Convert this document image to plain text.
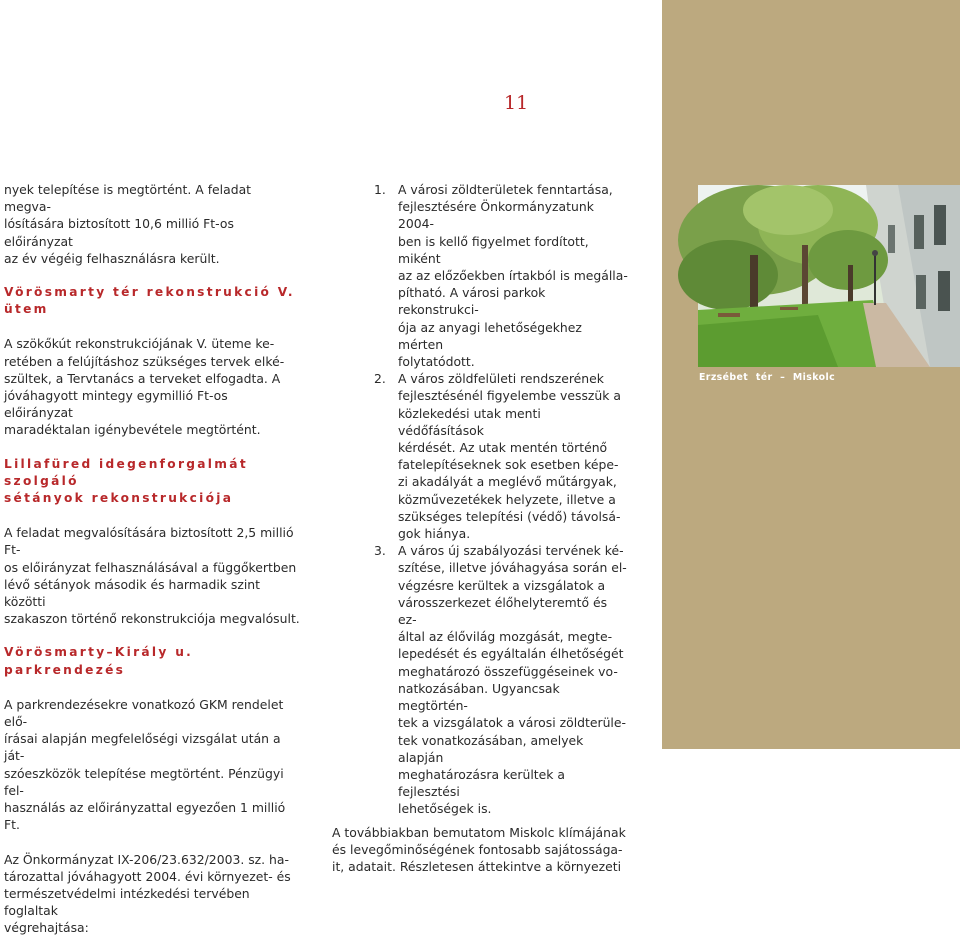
11
nyek telepítése is megtörtént. A feladat megva-
lósítására biztosított 10,6 millió Ft-os előirányzat
az év végéig felhasználásra került.
Vörösmarty tér rekonstrukció V.
ütem
A szökőkút rekonstrukciójának V. üteme ke-
retében a felújításhoz szükséges tervek elké-
szültek, a Tervtanács a terveket elfogadta. A
jóváhagyott mintegy egymillió Ft-os előirányzat
maradéktalan igénybevétele megtörtént.
Lillafüred idegenforgalmát szolgáló
sétányok rekonstrukciója
A feladat megvalósítására biztosított 2,5 millió Ft-
os előirányzat felhasználásával a függőkertben
lévő sétányok második és harmadik szint közötti
szakaszon történő rekonstrukciója megvalósult.
Vörösmarty–Király u. parkrendezés
A parkrendezésekre vonatkozó GKM rendelet elő-
írásai alapján megfelelőségi vizsgálat után a ját-
szóeszközök telepítése megtörtént. Pénzügyi fel-
használás az előirányzattal egyezően 1 millió Ft.
Az Önkormányzat IX-206/23.632/2003. sz. ha-
tározattal jóváhagyott 2004. évi környezet- és
természetvédelmi intézkedési tervében foglaltak
végrehajtása:
1. A városi zöldterületek fenntartása,
fejlesztésére Önkormányzatunk 2004-
ben is kellő figyelmet fordított, miként
az az előzőekben írtakból is megálla-
pítható. A városi parkok rekonstrukci-
ója az anyagi lehetőségekhez mérten
folytatódott.
2. A város zöldfelületi rendszerének
fejlesztésénél figyelembe vesszük a
közlekedési utak menti védőfásítások
kérdését. Az utak mentén történő
fatelepítéseknek sok esetben képe-
zi akadályát a meglévő műtárgyak,
közművezetékek helyzete, illetve a
szükséges telepítési (védő) távolsá-
gok hiánya.
3. A város új szabályozási tervének ké-
szítése, illetve jóváhagyása során el-
végzésre kerültek a vizsgálatok a
városszerkezet élőhelyteremtő és ez-
által az élővilág mozgását, megte-
lepedését és egyáltalán élhetőségét
meghatározó összefüggéseinek vo-
natkozásában. Ugyancsak megtörtén-
tek a vizsgálatok a városi zöldterüle-
tek vonatkozásában, amelyek alapján
meghatározásra kerültek a fejlesztési
lehetőségek is.
A továbbiakban bemutatom Miskolc klímájának
és levegőminőségének fontosabb sajátossága-
it, adatait. Részletesen áttekintve a környezeti
Erzsébet tér – Miskolc
